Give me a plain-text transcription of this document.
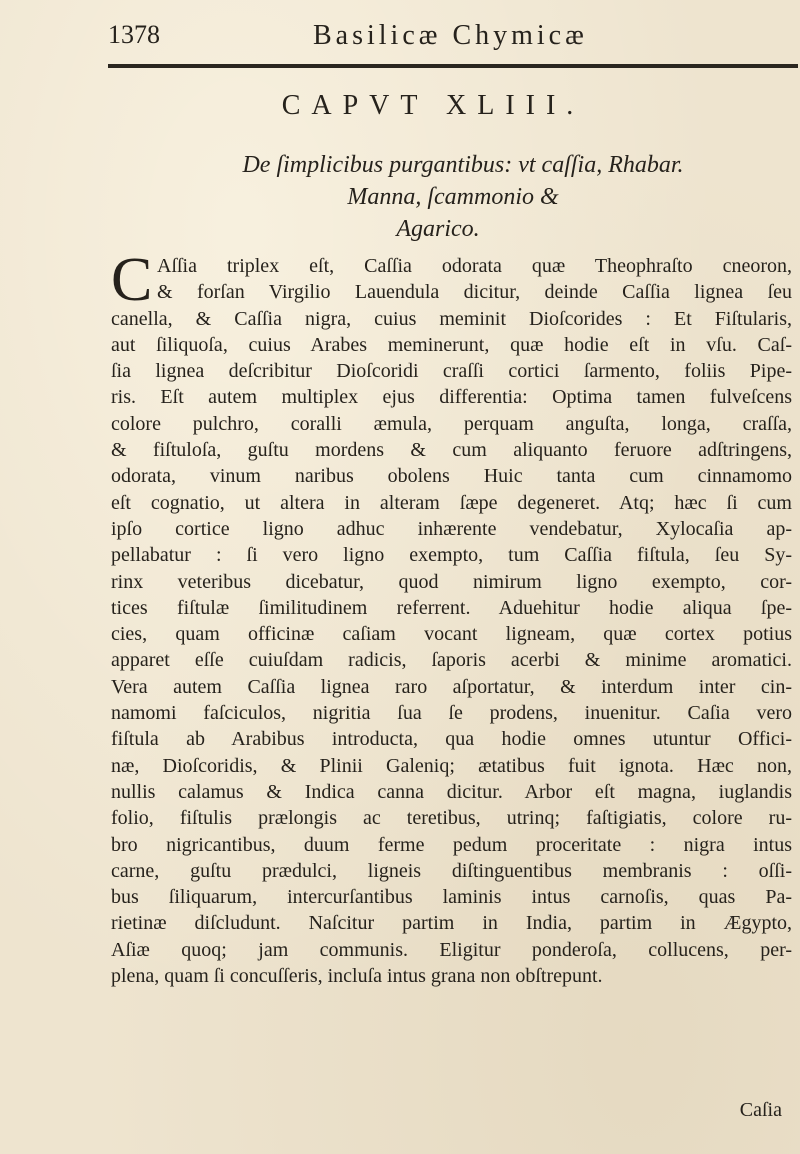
1378	Basilicæ Chymicæ
CAPVT XLIII.
De ſimplicibus purgantibus: vt caſſia, Rhabar.
Manna, ſcammonio &
Agarico.
C Aſſia triplex eſt, Caſſia odorata quæ Theophraſto cneoron,
& forſan Virgilio Lauendula dicitur, deinde Caſſia lignea ſeu
canella, & Caſſia nigra, cuius meminit Dioſcorides : Et Fiſtularis,
aut ſiliquoſa, cuius Arabes meminerunt, quæ hodie eſt in vſu. Caſ-
ſia lignea deſcribitur Dioſcoridi craſſi cortici ſarmento, foliis Pipe-
ris. Eſt autem multiplex ejus differentia: Optima tamen fulveſcens
colore pulchro, coralli æmula, perquam anguſta, longa, craſſa,
& fiſtuloſa, guſtu mordens & cum aliquanto feruore adſtringens,
odorata, vinum naribus obolens Huic tanta cum cinnamomo
eſt cognatio, ut altera in alteram ſæpe degeneret. Atq; hæc ſi cum
ipſo cortice ligno adhuc inhærente vendebatur, Xylocaſia ap-
pellabatur : ſi vero ligno exempto, tum Caſſia fiſtula, ſeu Sy-
rinx veteribus dicebatur, quod nimirum ligno exempto, cor-
tices fiſtulæ ſimilitudinem referrent. Aduehitur hodie aliqua ſpe-
cies, quam officinæ caſiam vocant ligneam, quæ cortex potius
apparet eſſe cuiuſdam radicis, ſaporis acerbi & minime aromatici.
Vera autem Caſſia lignea raro aſportatur, & interdum inter cin-
namomi faſciculos, nigritia ſua ſe prodens, inuenitur. Caſia vero
fiſtula ab Arabibus introducta, qua hodie omnes utuntur Offici-
næ, Dioſcoridis, & Plinii Galeniq; ætatibus fuit ignota. Hæc non,
nullis calamus & Indica canna dicitur. Arbor eſt magna, iuglandis
folio, fiſtulis prælongis ac teretibus, utrinq; faſtigiatis, colore ru-
bro nigricantibus, duum ferme pedum proceritate : nigra intus
carne, guſtu prædulci, ligneis diſtinguentibus membranis : oſſi-
bus ſiliquarum, intercurſantibus laminis intus carnoſis, quas Pa-
rietinæ diſcludunt. Naſcitur partim in India, partim in Ægypto,
Aſiæ quoq; jam communis. Eligitur ponderoſa, collucens, per-
plena, quam ſi concuſſeris, incluſa intus grana non obſtrepunt.
Caſia
